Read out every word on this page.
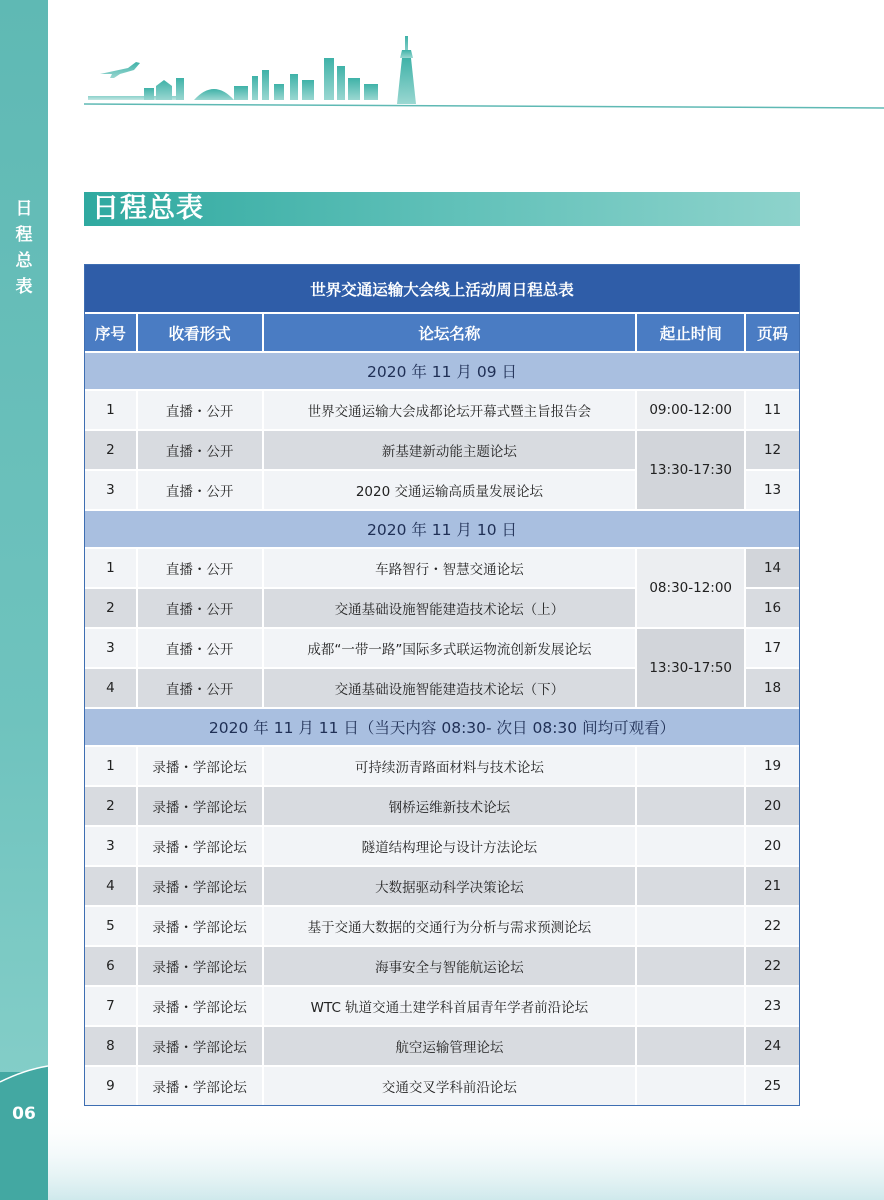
日
程
总
表
06
日程总表
世界交通运输大会线上活动周日程总表				
序号	收看形式	论坛名称	起止时间	页码
2020 年 11 月 09 日				
1	直播・公开	世界交通运输大会成都论坛开幕式暨主旨报告会	09:00-12:00	11
2	直播・公开	新基建新动能主题论坛	13:30-17:30	12
3	直播・公开	2020 交通运输高质量发展论坛		13
2020 年 11 月 10 日				
1	直播・公开	车路智行・智慧交通论坛	08:30-12:00	14
2	直播・公开	交通基础设施智能建造技术论坛（上）		16
3	直播・公开	成都“一带一路”国际多式联运物流创新发展论坛	13:30-17:50	17
4	直播・公开	交通基础设施智能建造技术论坛（下）		18
2020 年 11 月 11 日（当天内容 08:30- 次日 08:30 间均可观看）				
1	录播・学部论坛	可持续沥青路面材料与技术论坛		19
2	录播・学部论坛	钢桥运维新技术论坛		20
3	录播・学部论坛	隧道结构理论与设计方法论坛		20
4	录播・学部论坛	大数据驱动科学决策论坛		21
5	录播・学部论坛	基于交通大数据的交通行为分析与需求预测论坛		22
6	录播・学部论坛	海事安全与智能航运论坛		22
7	录播・学部论坛	WTC 轨道交通土建学科首届青年学者前沿论坛		23
8	录播・学部论坛	航空运输管理论坛		24
9	录播・学部论坛	交通交叉学科前沿论坛		25
